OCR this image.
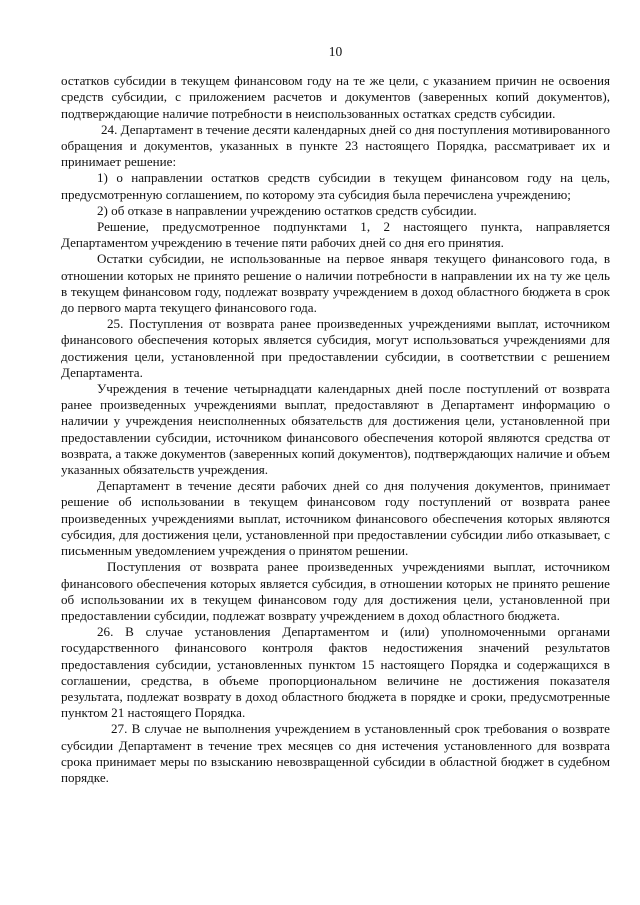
10

остатков субсидии в текущем финансовом году на те же цели, с указанием причин не освоения средств субсидии, с приложением расчетов и документов (заверенных копий документов), подтверждающие наличие потребности в неиспользованных остатках средств субсидии.

24. Департамент в течение десяти календарных дней со дня поступления мотивированного обращения и документов, указанных в пункте 23 настоящего Порядка, рассматривает их и принимает решение:

1) о направлении остатков средств субсидии в текущем финансовом году на цель, предусмотренную соглашением, по которому эта субсидия была перечислена учреждению;

2) об отказе в направлении учреждению остатков средств субсидии.

Решение, предусмотренное подпунктами 1, 2 настоящего пункта, направляется Департаментом учреждению в течение пяти рабочих дней со дня его принятия.

Остатки субсидии, не использованные на первое января текущего финансового года, в отношении которых не принято решение о наличии потребности в направлении их на ту же цель в текущем финансовом году, подлежат возврату учреждением в доход областного бюджета в срок до первого марта текущего финансового года.

25. Поступления от возврата ранее произведенных учреждениями выплат, источником финансового обеспечения которых является субсидия, могут использоваться учреждениями для достижения цели, установленной при предоставлении субсидии, в соответствии с решением Департамента.

Учреждения в течение четырнадцати календарных дней после поступлений от возврата ранее произведенных учреждениями выплат, предоставляют в Департамент информацию о наличии у учреждения неисполненных обязательств для достижения цели, установленной при предоставлении субсидии, источником финансового обеспечения которой являются средства от возврата, а также документов (заверенных копий документов), подтверждающих наличие и объем указанных обязательств учреждения.

Департамент в течение десяти рабочих дней со дня получения документов, принимает решение об использовании в текущем финансовом году поступлений от возврата ранее произведенных учреждениями выплат, источником финансового обеспечения которых являются субсидия, для достижения цели, установленной при предоставлении субсидии либо отказывает, с письменным уведомлением учреждения о принятом решении.

Поступления от возврата ранее произведенных учреждениями выплат, источником финансового обеспечения которых является субсидия, в отношении которых не принято решение об использовании их в текущем финансовом году для достижения цели, установленной при предоставлении субсидии, подлежат возврату учреждением в доход областного бюджета.

26. В случае установления Департаментом и (или) уполномоченными органами государственного финансового контроля фактов недостижения значений результатов предоставления субсидии, установленных пунктом 15 настоящего Порядка и содержащихся в соглашении, средства, в объеме пропорциональном величине не достижения показателя результата, подлежат возврату в доход областного бюджета в порядке и сроки, предусмотренные пунктом 21 настоящего Порядка.

27. В случае не выполнения учреждением в установленный срок требования о возврате субсидии Департамент в течение трех месяцев со дня истечения установленного для возврата срока принимает меры по взысканию невозвращенной субсидии в областной бюджет в судебном порядке.
